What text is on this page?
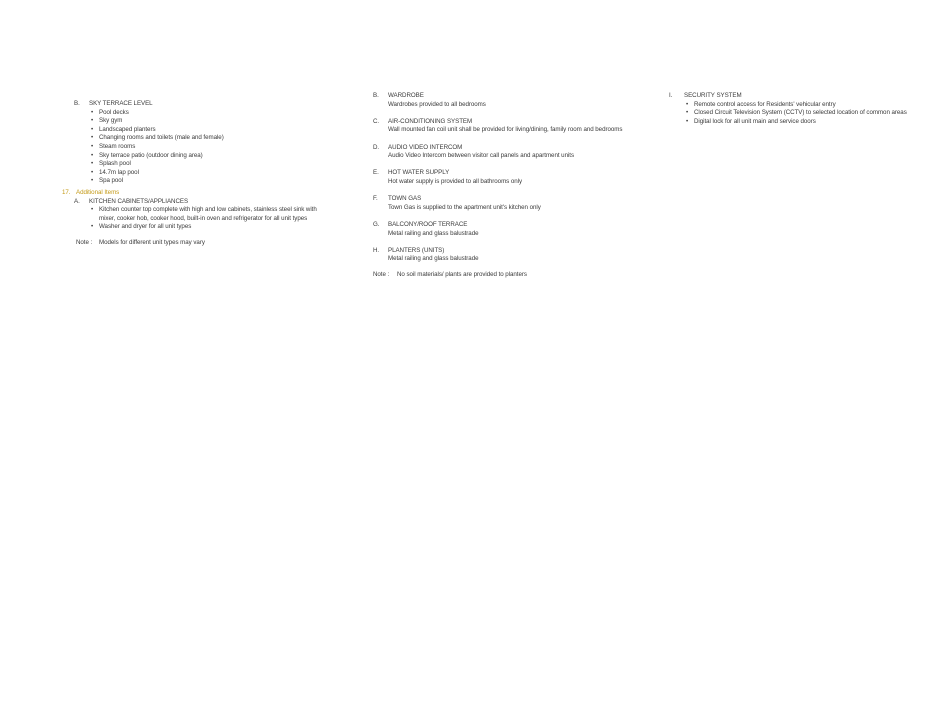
B. SKY TERRACE LEVEL
• Pool decks
• Sky gym
• Landscaped planters
• Changing rooms and toilets (male and female)
• Steam rooms
• Sky terrace patio (outdoor dining area)
• Splash pool
• 14.7m lap pool
• Spa pool
17. Additional Items
A. KITCHEN CABINETS/APPLIANCES
• Kitchen counter top complete with high and low cabinets, stainless steel sink with mixer, cooker hob, cooker hood, built-in oven and refrigerator for all unit types
• Washer and dryer for all unit types
Note : Models for different unit types may vary
B. WARDROBE
Wardrobes provided to all bedrooms
C. AIR-CONDITIONING SYSTEM
Wall mounted fan coil unit shall be provided for living/dining, family room and bedrooms
D. AUDIO VIDEO INTERCOM
Audio Video Intercom between visitor call panels and apartment units
E. HOT WATER SUPPLY
Hot water supply is provided to all bathrooms only
F. TOWN GAS
Town Gas is supplied to the apartment unit's kitchen only
G. BALCONY/ROOF TERRACE
Metal railing and glass balustrade
H. PLANTERS (UNITS)
Metal railing and glass balustrade
Note : No soil materials/ plants are provided to planters
I. SECURITY SYSTEM
• Remote control access for Residents' vehicular entry
• Closed Circuit Television System (CCTV) to selected location of common areas
• Digital lock for all unit main and service doors
